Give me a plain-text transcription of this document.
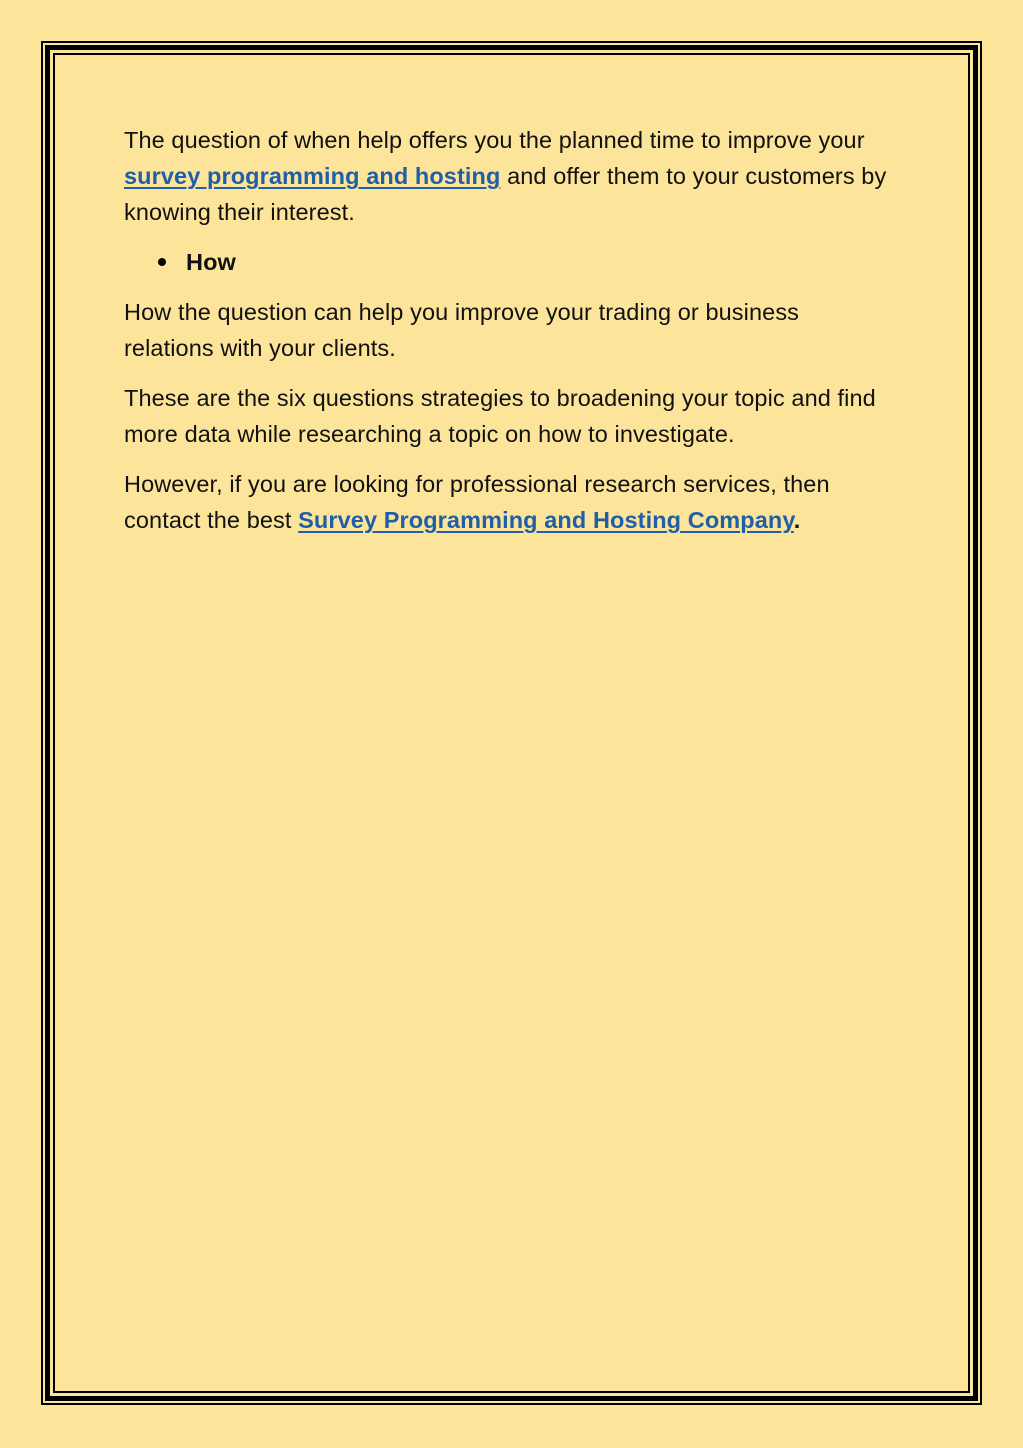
The question of when help offers you the planned time to improve your survey programming and hosting and offer them to your customers by knowing their interest.

How

How the question can help you improve your trading or business relations with your clients.

These are the six questions strategies to broadening your topic and find more data while researching a topic on how to investigate.

However, if you are looking for professional research services, then contact the best Survey Programming and Hosting Company.
